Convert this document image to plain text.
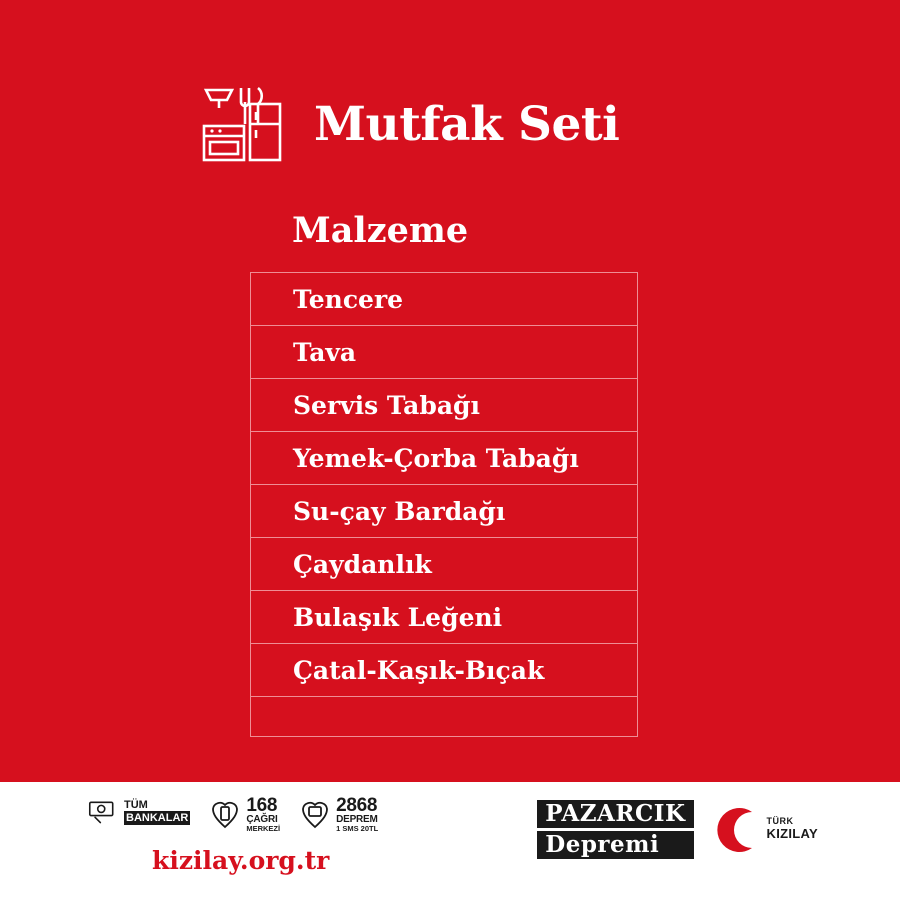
Mutfak Seti
Malzeme
Tencere
Tava
Servis Tabağı
Yemek-Çorba Tabağı
Su-çay Bardağı
Çaydanlık
Bulaşık Leğeni
Çatal-Kaşık-Bıçak
TÜM
BANKALAR
168
ÇAĞRI
MERKEZİ
2868
DEPREM
1 SMS 20TL
kizilay.org.tr
PAZARCIK
Depremi
TÜRK
KIZILAY
